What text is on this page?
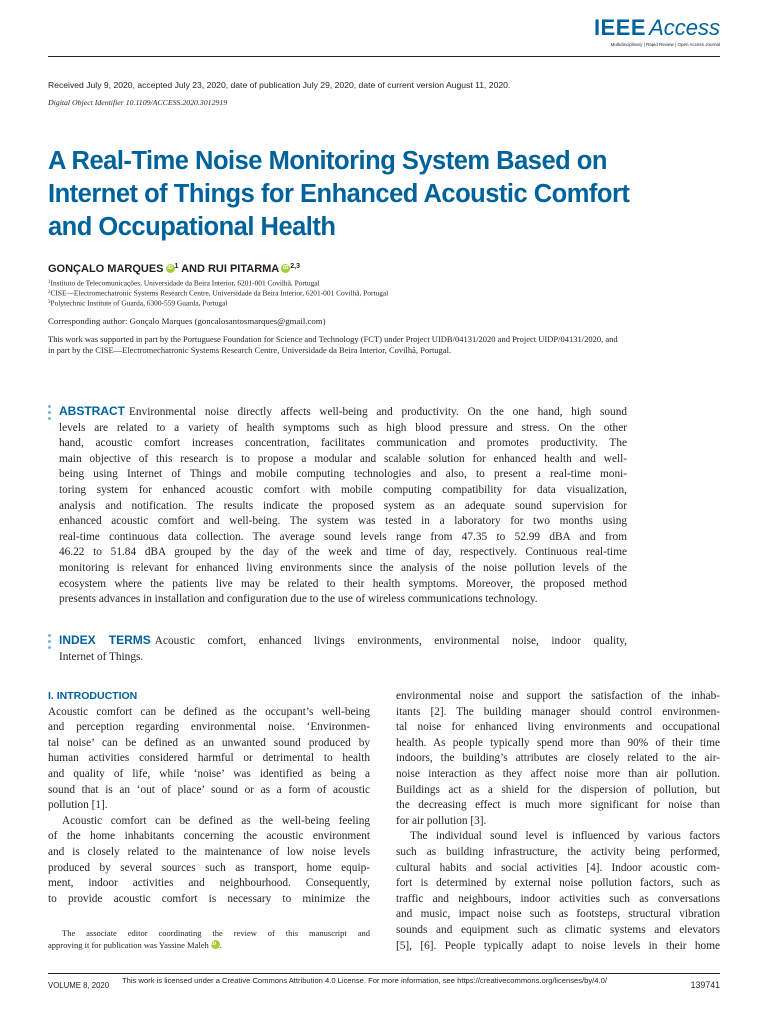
IEEE Access
Multidisciplinary | Rapid Review | Open Access Journal
Received July 9, 2020, accepted July 23, 2020, date of publication July 29, 2020, date of current version August 11, 2020.
Digital Object Identifier 10.1109/ACCESS.2020.3012919
A Real-Time Noise Monitoring System Based on Internet of Things for Enhanced Acoustic Comfort and Occupational Health
GONÇALO MARQUES iD $^1$ AND RUI PITARMA iD $^{2,3}$
$^1$Instituto de Telecomunicações, Universidade da Beira Interior, 6201-001 Covilhã, Portugal
$^2$CISE—Electromechatronic Systems Research Centre, Universidade da Beira Interior, 6201-001 Covilhã, Portugal
$^3$Polytechnic Institute of Guarda, 6300-559 Guarda, Portugal
Corresponding author: Gonçalo Marques (goncalosantosmarques@gmail.com)
This work was supported in part by the Portuguese Foundation for Science and Technology (FCT) under Project UIDB/04131/2020 and Project UIDP/04131/2020, and in part by the CISE—Electromechatronic Systems Research Centre, Universidade da Beira Interior, Covilhã, Portugal.
ABSTRACT Environmental noise directly affects well-being and productivity. On the one hand, high sound
levels are related to a variety of health symptoms such as high blood pressure and stress. On the other
hand, acoustic comfort increases concentration, facilitates communication and promotes productivity. The
main objective of this research is to propose a modular and scalable solution for enhanced health and well-
being using Internet of Things and mobile computing technologies and also, to present a real-time moni-
toring system for enhanced acoustic comfort with mobile computing compatibility for data visualization,
analysis and notification. The results indicate the proposed system as an adequate sound supervision for
enhanced acoustic comfort and well-being. The system was tested in a laboratory for two months using
real-time continuous data collection. The average sound levels range from 47.35 to 52.99 dBA and from
46.22 to 51.84 dBA grouped by the day of the week and time of day, respectively. Continuous real-time
monitoring is relevant for enhanced living environments since the analysis of the noise pollution levels of the
ecosystem where the patients live may be related to their health symptoms. Moreover, the proposed method
presents advances in installation and configuration due to the use of wireless communications technology.
INDEX TERMS Acoustic comfort, enhanced livings environments, environmental noise, indoor quality,
Internet of Things.
I. INTRODUCTION
Acoustic comfort can be defined as the occupant’s well-being
and perception regarding environmental noise. ‘Environmen-
tal noise’ can be defined as an unwanted sound produced by
human activities considered harmful or detrimental to health
and quality of life, while ‘noise’ was identified as being a
sound that is an ‘out of place’ sound or as a form of acoustic
pollution [1].
Acoustic comfort can be defined as the well-being feeling
of the home inhabitants concerning the acoustic environment
and is closely related to the maintenance of low noise levels
produced by several sources such as transport, home equip-
ment, indoor activities and neighbourhood. Consequently,
to provide acoustic comfort is necessary to minimize the
environmental noise and support the satisfaction of the inhab-
itants [2]. The building manager should control environmen-
tal noise for enhanced living environments and occupational
health. As people typically spend more than 90% of their time
indoors, the building’s attributes are closely related to the air-
noise interaction as they affect noise more than air pollution.
Buildings act as a shield for the dispersion of pollution, but
the decreasing effect is much more significant for noise than
for air pollution [3].
The individual sound level is influenced by various factors
such as building infrastructure, the activity being performed,
cultural habits and social activities [4]. Indoor acoustic com-
fort is determined by external noise pollution factors, such as
traffic and neighbours, indoor activities such as conversations
and music, impact noise such as footsteps, structural vibration
sounds and equipment such as climatic systems and elevators
[5], [6]. People typically adapt to noise levels in their home
The associate editor coordinating the review of this manuscript and
approving it for publication was Yassine Maleh iD .
VOLUME 8, 2020
This work is licensed under a Creative Commons Attribution 4.0 License. For more information, see https://creativecommons.org/licenses/by/4.0/	139741
